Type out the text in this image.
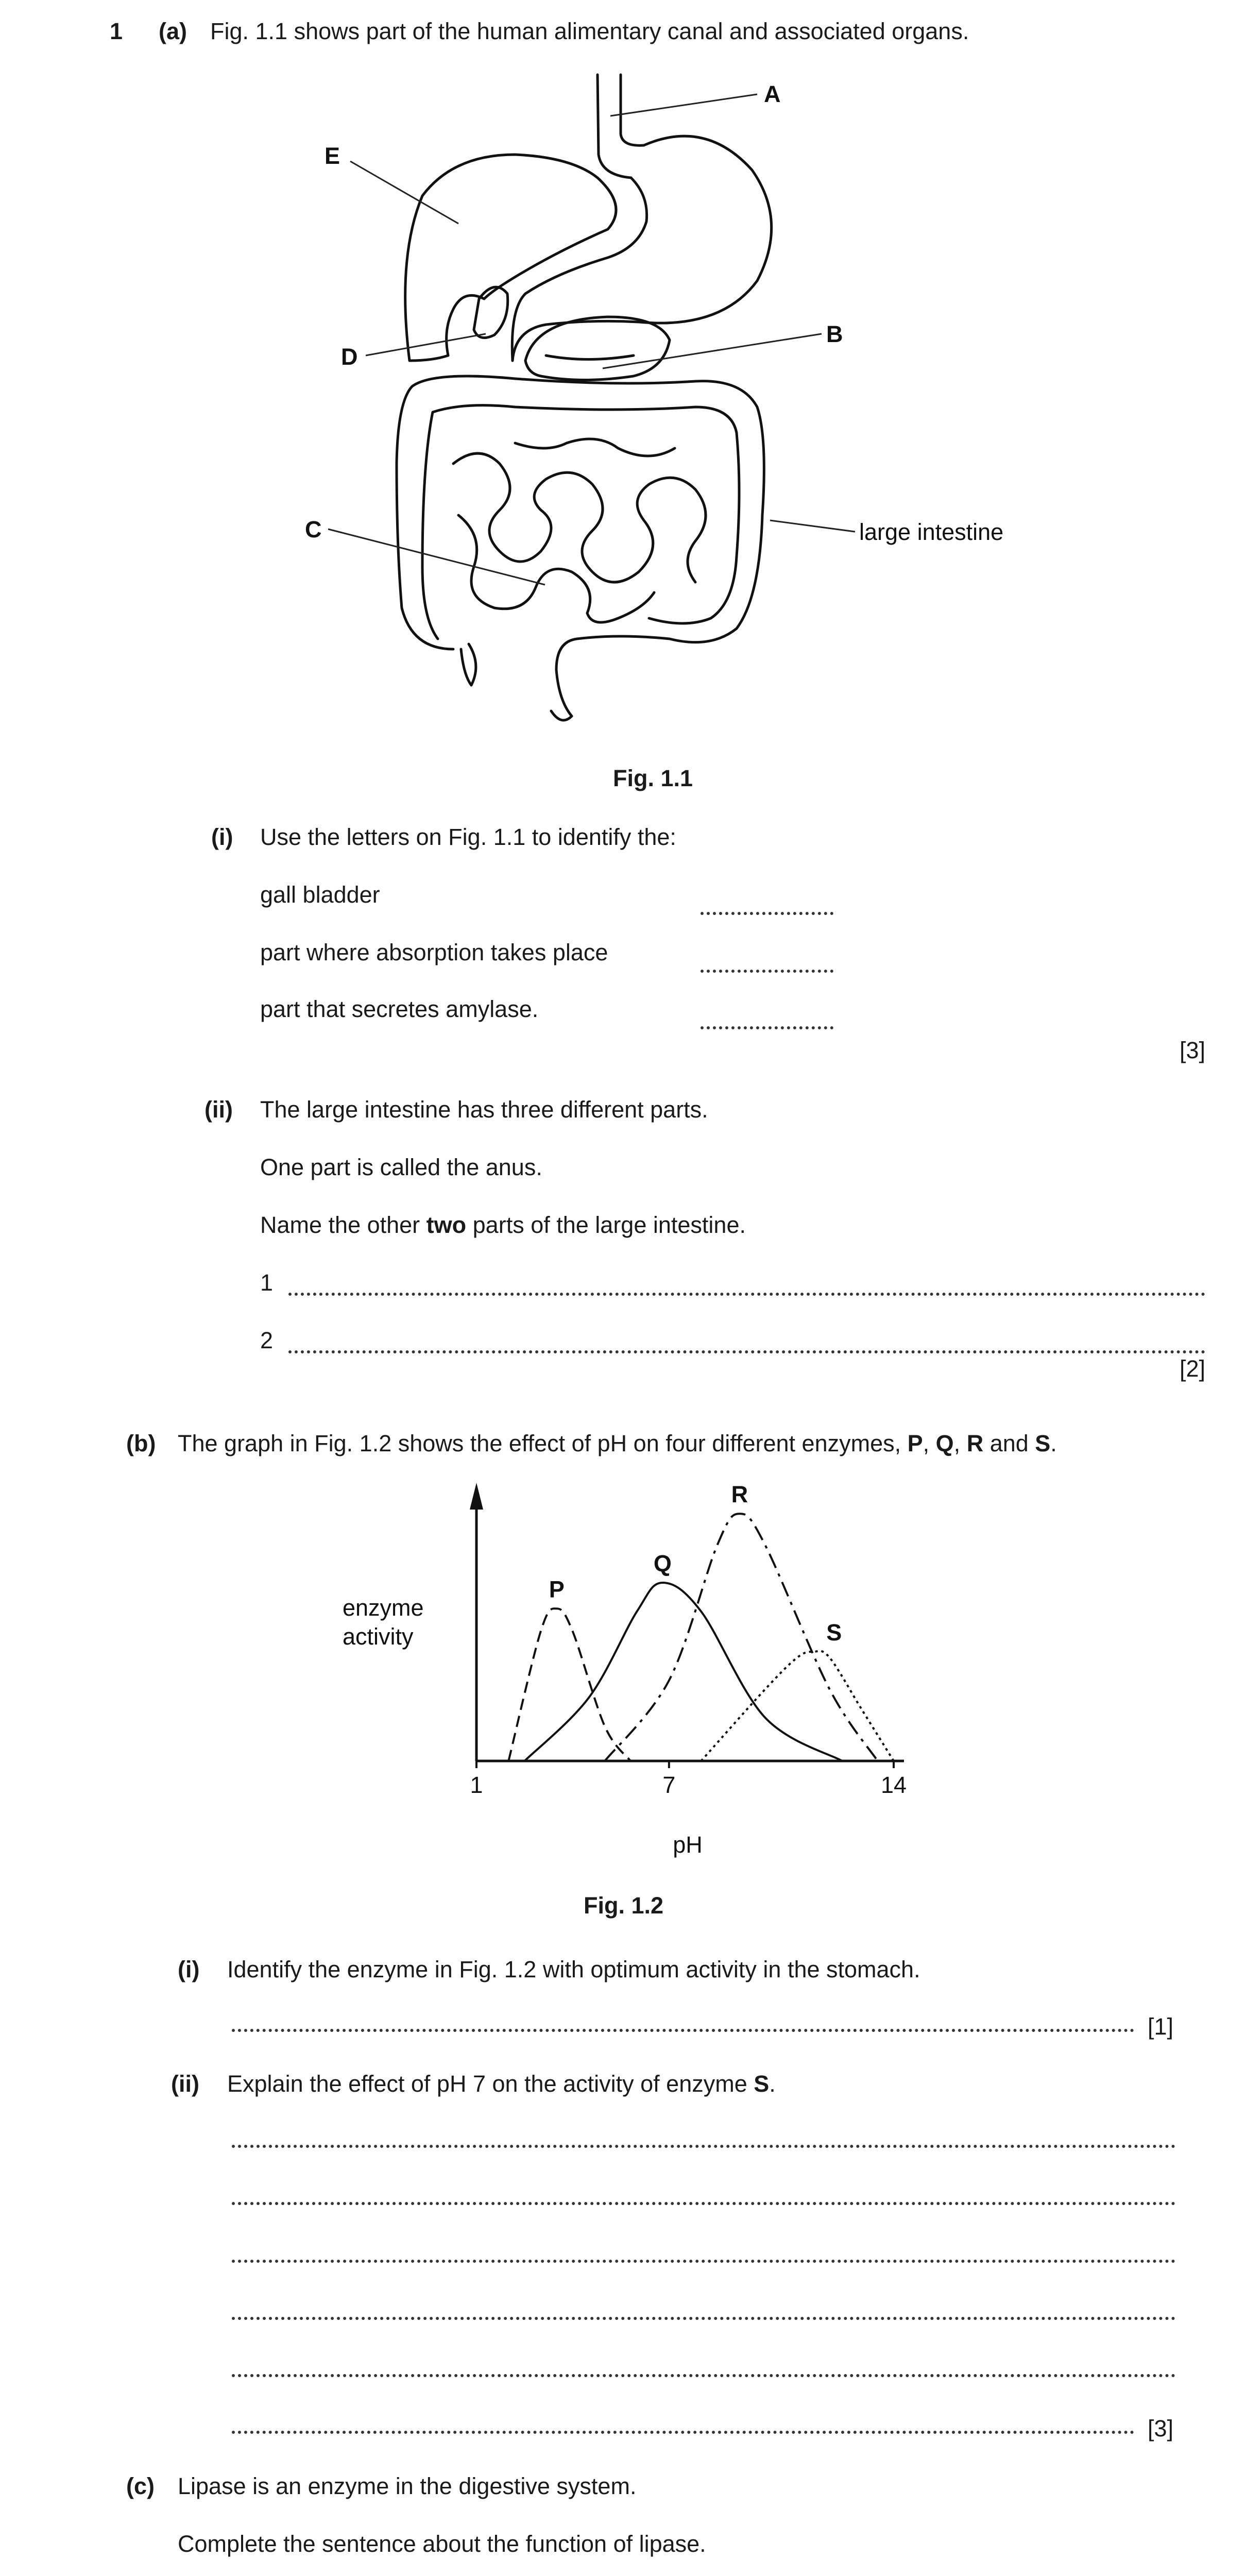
1 (a) Fig. 1.1 shows part of the human alimentary canal and associated organs.
A
B
C
D
E
large intestine
Fig. 1.1
(i) Use the letters on Fig. 1.1 to identify the:
gall bladder
part where absorption takes place
part that secretes amylase.
[3]
(ii) The large intestine has three different parts.
One part is called the anus.
Name the other two parts of the large intestine.
1
2
[2]
(b) The graph in Fig. 1.2 shows the effect of pH on four different enzymes, P, Q, R and S.
1	7	14
P
Q
R
S
enzyme
activity
pH
Fig. 1.2
(i) Identify the enzyme in Fig. 1.2 with optimum activity in the stomach.
[1]
(ii) Explain the effect of pH 7 on the activity of enzyme S.
[3]
(c) Lipase is an enzyme in the digestive system.
Complete the sentence about the function of lipase.
